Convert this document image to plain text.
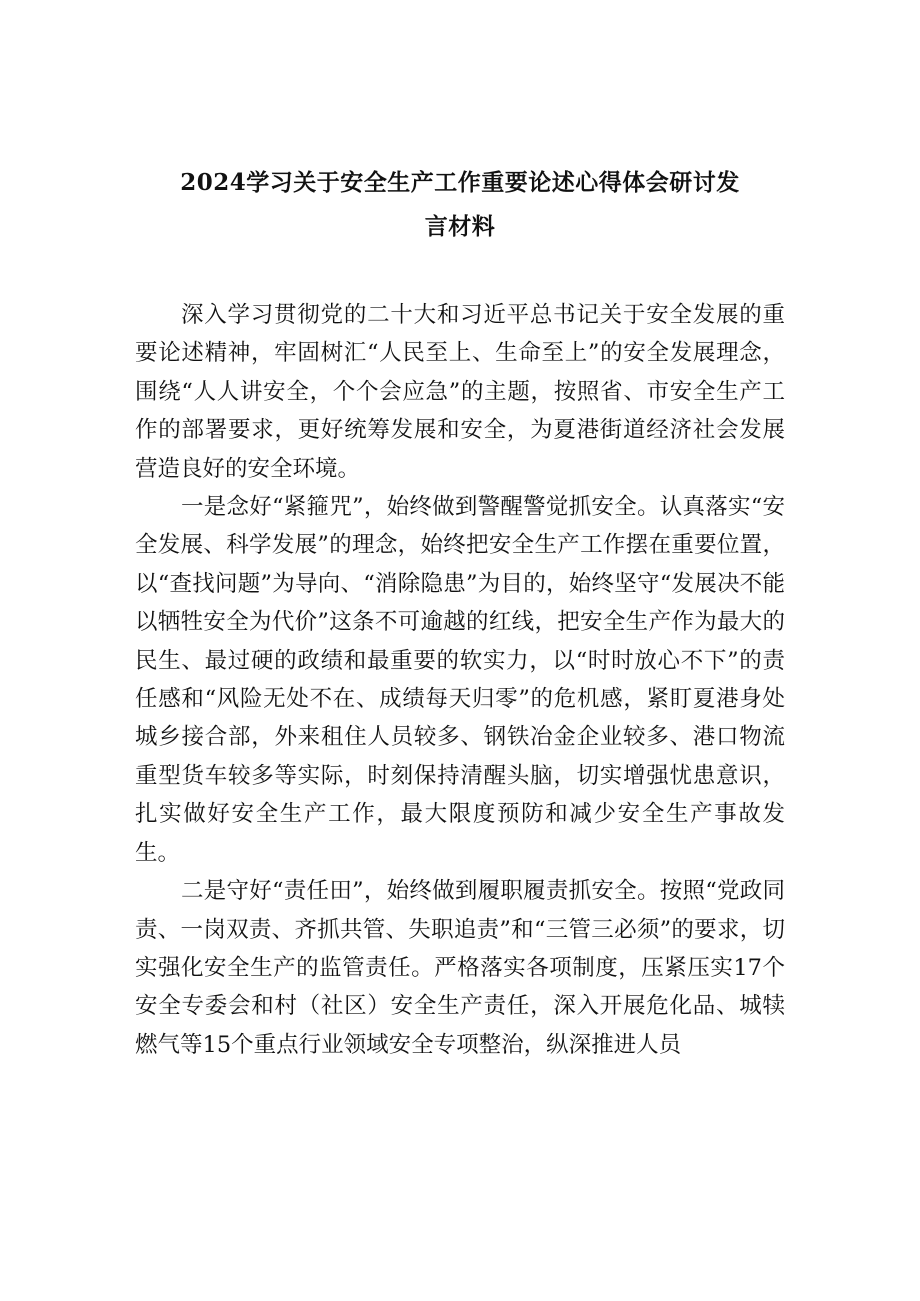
2024学习关于安全生产工作重要论述心得体会研讨发
言材料

深入学习贯彻党的二十大和习近平总书记关于安全发展的重要论述精神，牢固树汇“人民至上、生命至上”的安全发展理念，围绕“人人讲安全，个个会应急”的主题，按照省、市安全生产工作的部署要求，更好统筹发展和安全，为夏港街道经济社会发展营造良好的安全环境。

一是念好“紧箍咒”，始终做到警醒警觉抓安全。认真落实“安全发展、科学发展”的理念，始终把安全生产工作摆在重要位置，以“查找问题”为导向、“消除隐患”为目的，始终坚守“发展决不能以牺牲安全为代价”这条不可逾越的红线，把安全生产作为最大的民生、最过硬的政绩和最重要的软实力，以“时时放心不下”的责任感和“风险无处不在、成绩每天归零”的危机感，紧盯夏港身处城乡接合部，外来租住人员较多、钢铁冶金企业较多、港口物流重型货车较多等实际，时刻保持清醒头脑，切实增强忧患意识，扎实做好安全生产工作，最大限度预防和减少安全生产事故发生。

二是守好“责任田”，始终做到履职履责抓安全。按照“党政同责、一岗双责、齐抓共管、失职追责”和“三管三必须”的要求，切实强化安全生产的监管责任。严格落实各项制度，压紧压实17个安全专委会和村（社区）安全生产责任，深入开展危化品、城犊燃气等15个重点行业领域安全专项整治，纵深推进人员
